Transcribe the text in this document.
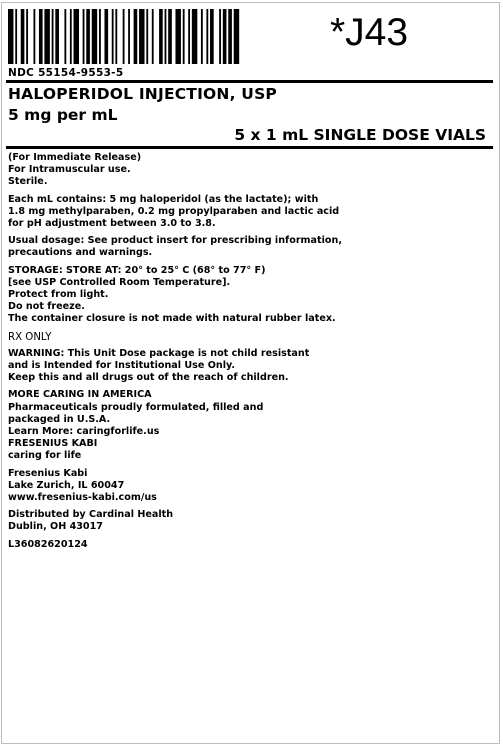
*J43
NDC 55154-9553-5
HALOPERIDOL INJECTION, USP
5 mg per mL
5 x 1 mL SINGLE DOSE VIALS

(For Immediate Release)

For Intramuscular use.

Sterile.

Each mL contains: 5 mg haloperidol (as the lactate); with

1.8 mg methylparaben, 0.2 mg propylparaben and lactic acid

for pH adjustment between 3.0 to 3.8.

Usual dosage: See product insert for prescribing information,

precautions and warnings.

STORAGE: STORE AT: 20° to 25° C (68° to 77° F)

[see USP Controlled Room Temperature].

Protect from light.

Do not freeze.

The container closure is not made with natural rubber latex.

RX ONLY

WARNING: This Unit Dose package is not child resistant

and is Intended for Institutional Use Only.

Keep this and all drugs out of the reach of children.

MORE CARING IN AMERICA

Pharmaceuticals proudly formulated, filled and

packaged in U.S.A.

Learn More: caringforlife.us

FRESENIUS KABI

caring for life

Fresenius Kabi

Lake Zurich, IL 60047

www.fresenius-kabi.com/us

Distributed by Cardinal Health

Dublin, OH 43017

L36082620124
